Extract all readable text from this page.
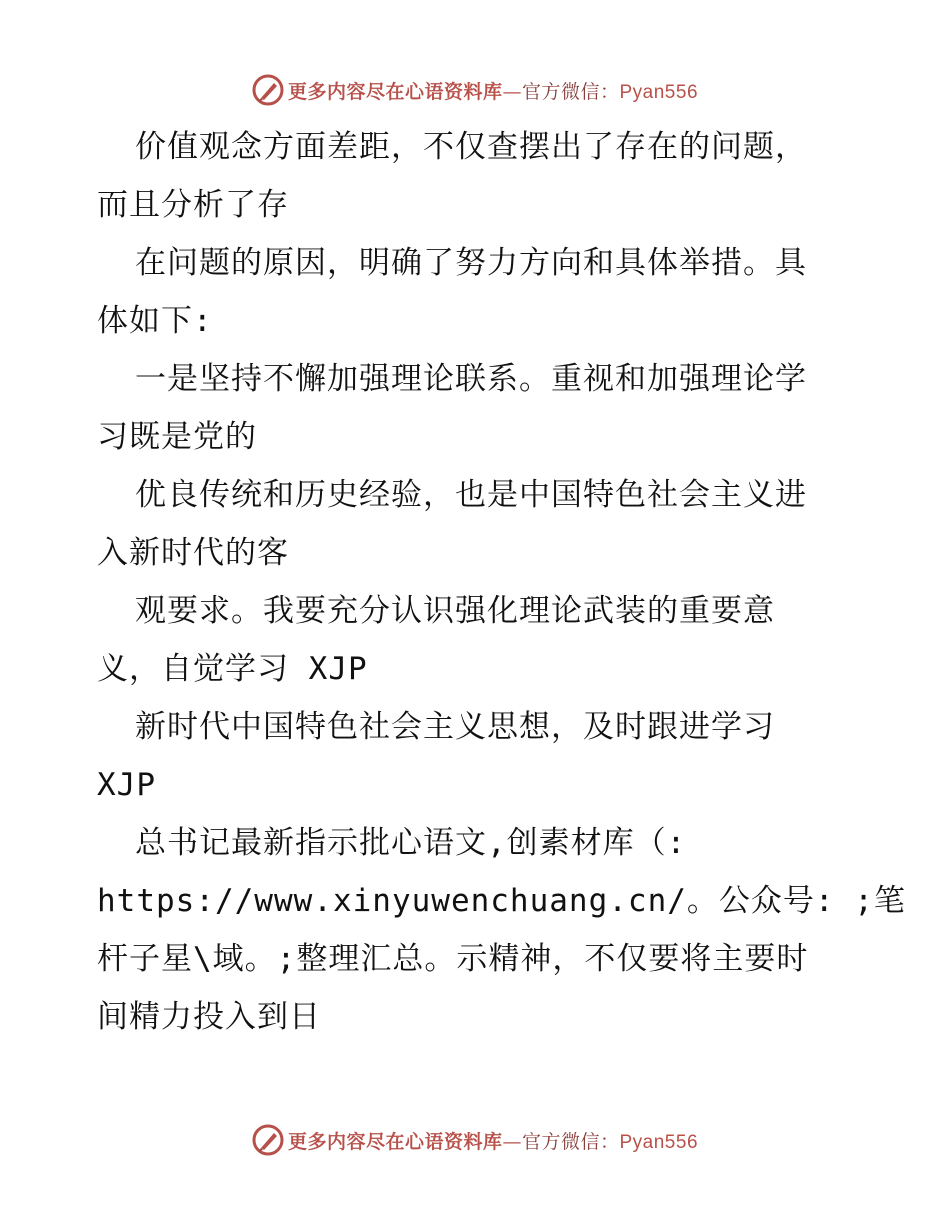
更多内容尽在心语资料库—官方微信：Pyan556
价值观念方面差距，不仅查摆出了存在的问题，
而且分析了存
在问题的原因，明确了努力方向和具体举措。具
体如下:
一是坚持不懈加强理论联系。重视和加强理论学
习既是党的
优良传统和历史经验，也是中国特色社会主义进
入新时代的客
观要求。我要充分认识强化理论武装的重要意
义，自觉学习 XJP
新时代中国特色社会主义思想，及时跟进学习
XJP
总书记最新指示批心语文,创素材库（:
https://www.xinyuwenchuang.cn/。公众号: ;笔
杆子星\域。;整理汇总。示精神，不仅要将主要时
间精力投入到日
更多内容尽在心语资料库—官方微信：Pyan556
